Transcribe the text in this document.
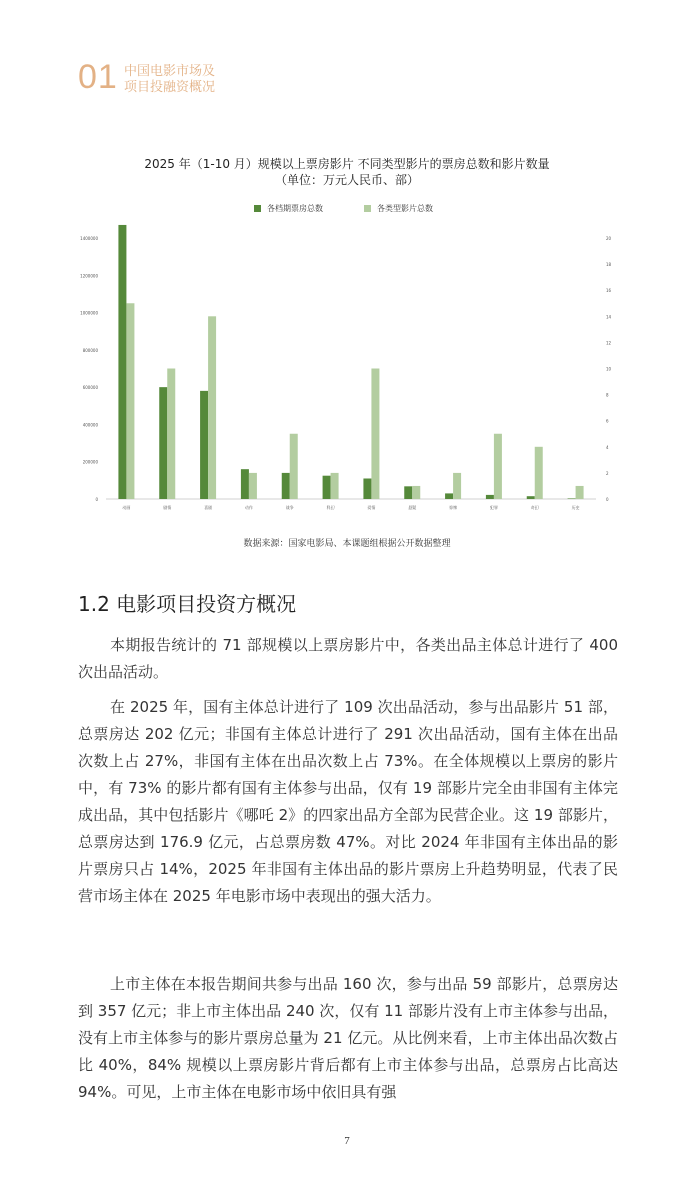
01 中国电影市场及
项目投融资概况
2025 年（1-10 月）规模以上票房影片 不同类型影片的票房总数和影片数量
（单位：万元人民币、部）
各档期票房总数	各类型影片总数
0
200000
400000
600000
800000
1000000
1200000
1400000
0
2
4
6
8
10
12
14
16
18
20
动画	剧情	喜剧	动作	战争	科幻	爱情	悬疑	惊悚	犯罪	奇幻	历史
数据来源：国家电影局、本课题组根据公开数据整理
1.2 电影项目投资方概况

本期报告统计的 71 部规模以上票房影片中，各类出品主体总计进行了 400 次出品活动。

在 2025 年，国有主体总计进行了 109 次出品活动，参与出品影片 51 部，总票房达 202 亿元；非国有主体总计进行了 291 次出品活动，国有主体在出品次数上占 27%，非国有主体在出品次数上占 73%。在全体规模以上票房的影片中，有 73% 的影片都有国有主体参与出品，仅有 19 部影片完全由非国有主体完成出品，其中包括影片《哪吒 2》的四家出品方全部为民营企业。这 19 部影片，总票房达到 176.9 亿元，占总票房数 47%。对比 2024 年非国有主体出品的影片票房只占 14%，2025 年非国有主体出品的影片票房上升趋势明显，代表了民营市场主体在 2025 年电影市场中表现出的强大活力。

上市主体在本报告期间共参与出品 160 次，参与出品 59 部影片，总票房达到 357 亿元；非上市主体出品 240 次，仅有 11 部影片没有上市主体参与出品，没有上市主体参与的影片票房总量为 21 亿元。从比例来看，上市主体出品次数占比 40%，84% 规模以上票房影片背后都有上市主体参与出品，总票房占比高达 94%。可见，上市主体在电影市场中依旧具有强

7
